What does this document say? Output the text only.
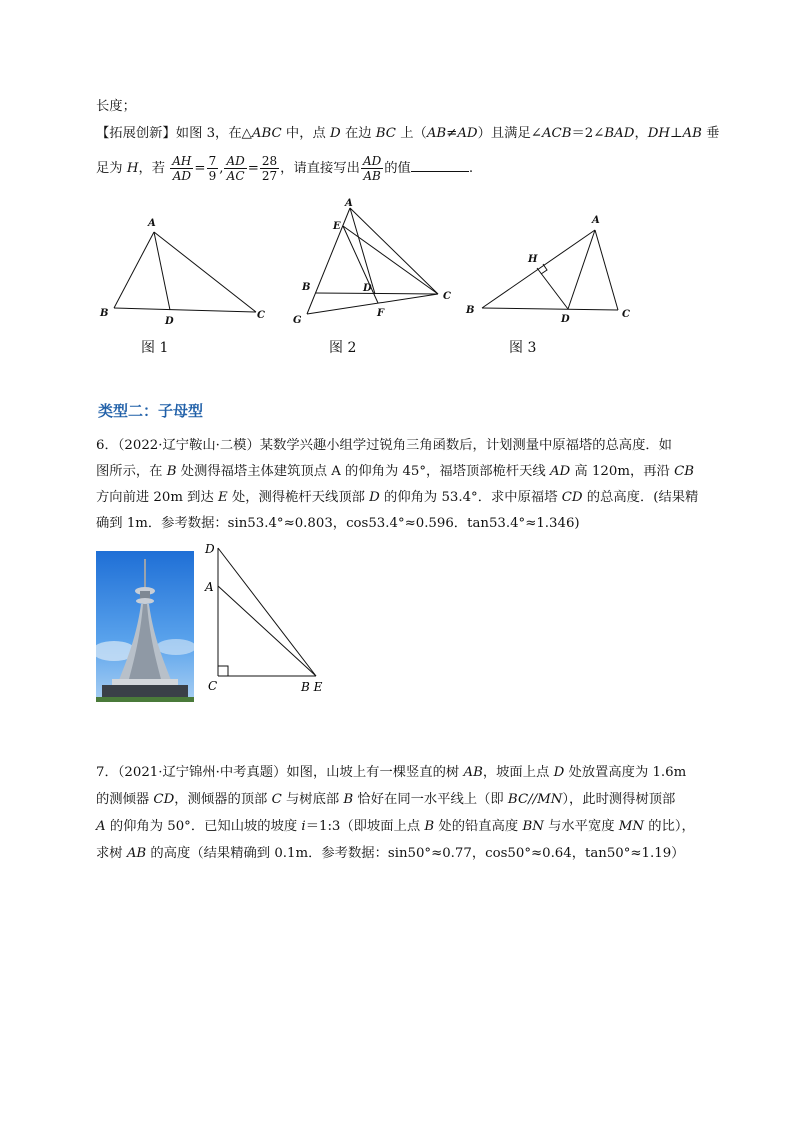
长度；
【拓展创新】如图 3，在△ABC 中，点 D 在边 BC 上（AB≠AD）且满足∠ACB＝2∠BAD，DH⊥AB 垂
足为 H，若 $\frac{AH}{AD} = \frac{7}{9}$ , $\frac{AD}{AC} = \frac{28}{27}$ ，请直接写出 $\frac{AD}{AB}$ 的值	.
A
B	C
D
图 1
A
E
B	D
C
F
G
图 2
A
H
B
D	C
图 3
类型二：子母型
6．（2022·辽宁鞍山·二模）某数学兴趣小组学过锐角三角函数后，计划测量中原福塔的总高度．如
图所示，在 B 处测得福塔主体建筑顶点 A 的仰角为 45°，福塔顶部桅杆天线 AD 高 120m，再沿 CB
方向前进 20m 到达 E 处，测得桅杆天线顶部 D 的仰角为 53.4°．求中原福塔 CD 的总高度．(结果精
确到 1m．参考数据：sin53.4°≈0.803，cos53.4°≈0.596．tan53.4°≈1.346)
D
A
C	B E
7．（2021·辽宁锦州·中考真题）如图，山坡上有一棵竖直的树 AB，坡面上点 D 处放置高度为 1.6m
的测倾器 CD，测倾器的顶部 C 与树底部 B 恰好在同一水平线上（即 BC//MN），此时测得树顶部
A 的仰角为 50°．已知山坡的坡度 i＝1:3（即坡面上点 B 处的铅直高度 BN 与水平宽度 MN 的比），
求树 AB 的高度（结果精确到 0.1m．参考数据：sin50°≈0.77，cos50°≈0.64，tan50°≈1.19）
